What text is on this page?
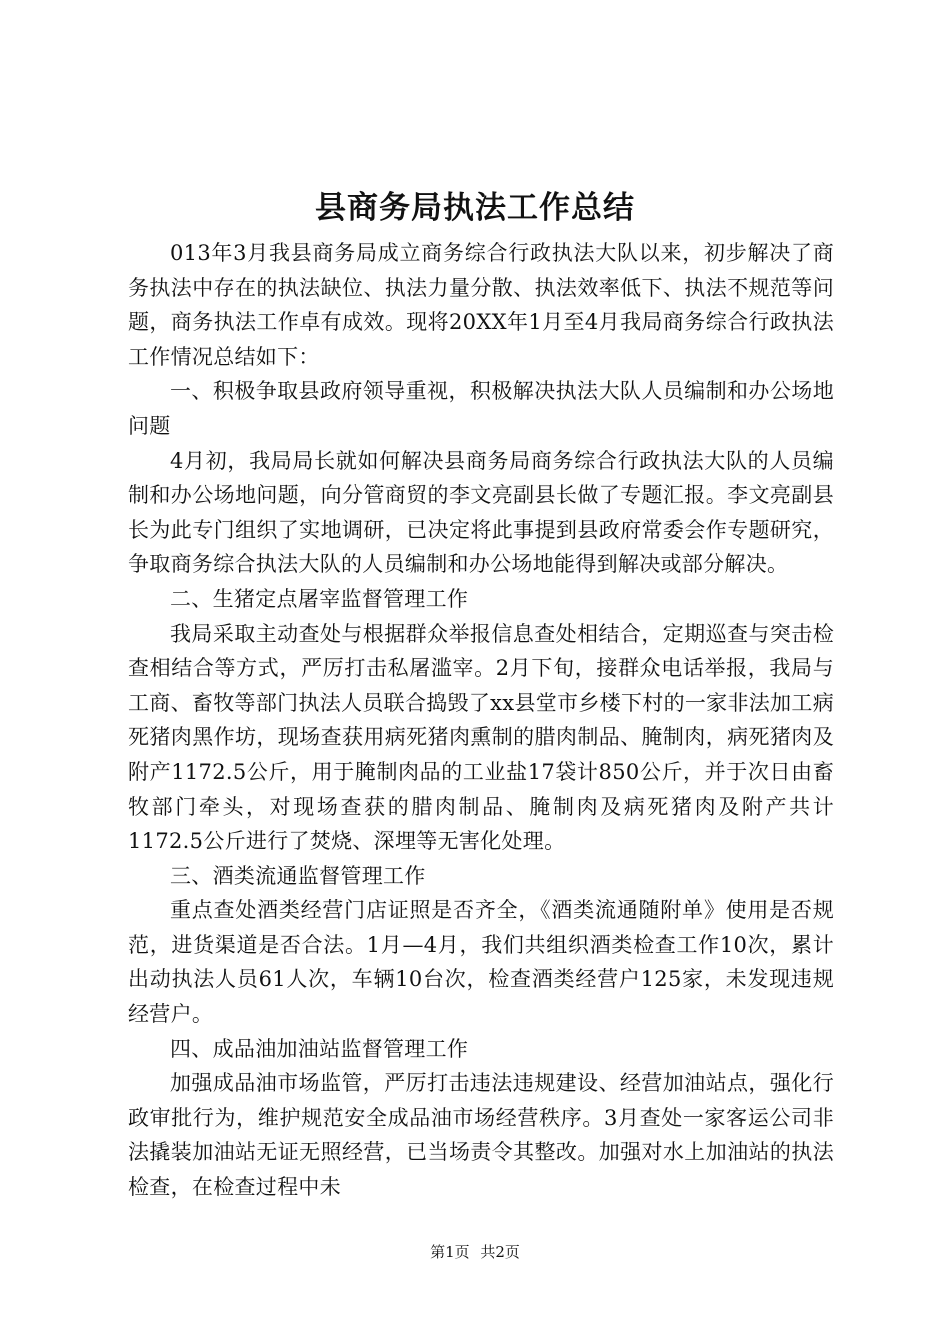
县商务局执法工作总结

013年3月我县商务局成立商务综合行政执法大队以来，初步解决了商务执法中存在的执法缺位、执法力量分散、执法效率低下、执法不规范等问题，商务执法工作卓有成效。现将20XX年1月至4月我局商务综合行政执法工作情况总结如下：

一、积极争取县政府领导重视，积极解决执法大队人员编制和办公场地问题

4月初，我局局长就如何解决县商务局商务综合行政执法大队的人员编制和办公场地问题，向分管商贸的李文亮副县长做了专题汇报。李文亮副县长为此专门组织了实地调研，已决定将此事提到县政府常委会作专题研究，争取商务综合执法大队的人员编制和办公场地能得到解决或部分解决。

二、生猪定点屠宰监督管理工作

我局采取主动查处与根据群众举报信息查处相结合，定期巡查与突击检查相结合等方式，严厉打击私屠滥宰。2月下旬，接群众电话举报，我局与工商、畜牧等部门执法人员联合捣毁了xx县堂市乡楼下村的一家非法加工病死猪肉黑作坊，现场查获用病死猪肉熏制的腊肉制品、腌制肉，病死猪肉及附产1172.5公斤，用于腌制肉品的工业盐17袋计850公斤，并于次日由畜牧部门牵头，对现场查获的腊肉制品、腌制肉及病死猪肉及附产共计1172.5公斤进行了焚烧、深埋等无害化处理。

三、酒类流通监督管理工作

重点查处酒类经营门店证照是否齐全，《酒类流通随附单》使用是否规范，进货渠道是否合法。1月—4月，我们共组织酒类检查工作10次，累计出动执法人员61人次，车辆10台次，检查酒类经营户125家，未发现违规经营户。

四、成品油加油站监督管理工作

加强成品油市场监管，严厉打击违法违规建设、经营加油站点，强化行政审批行为，维护规范安全成品油市场经营秩序。3月查处一家客运公司非法撬装加油站无证无照经营，已当场责令其整改。加强对水上加油站的执法检查，在检查过程中未

第1页 共2页
